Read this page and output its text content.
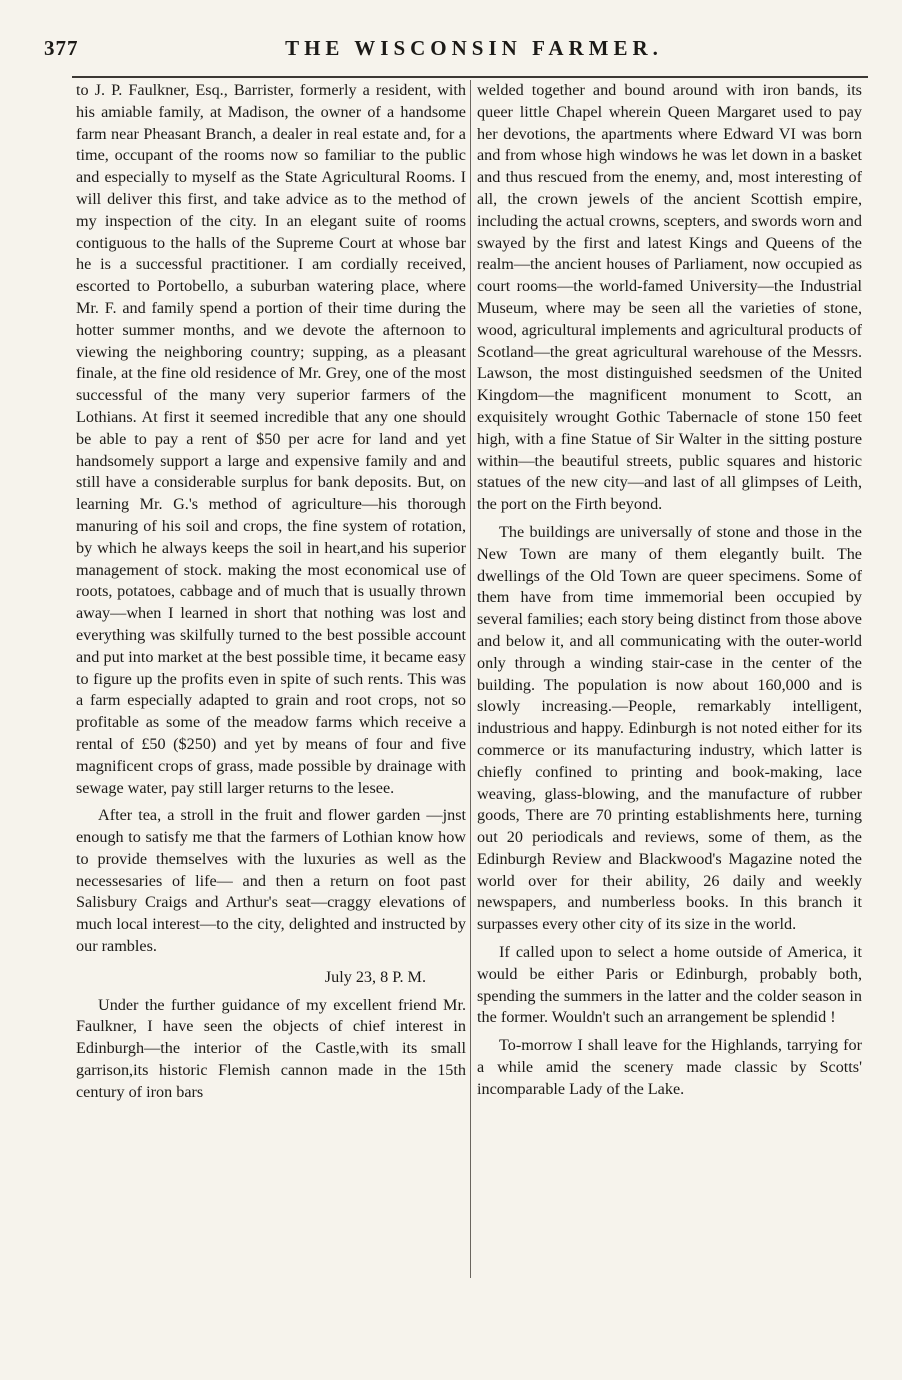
377	THE WISCONSIN FARMER.

to J. P. Faulkner, Esq., Barrister, formerly a resident, with his amiable family, at Madison, the owner of a handsome farm near Pheasant Branch, a dealer in real estate and, for a time, occupant of the rooms now so familiar to the public and especially to myself as the State Agricultural Rooms. I will deliver this first, and take advice as to the method of my inspection of the city. In an elegant suite of rooms contiguous to the halls of the Supreme Court at whose bar he is a successful practitioner. I am cordially received, escorted to Portobello, a suburban watering place, where Mr. F. and family spend a portion of their time during the hotter summer months, and we devote the afternoon to viewing the neighboring country; supping, as a pleasant finale, at the fine old residence of Mr. Grey, one of the most successful of the many very superior farmers of the Lothians. At first it seemed incredible that any one should be able to pay a rent of $50 per acre for land and yet handsomely support a large and expensive family and and still have a considerable surplus for bank deposits. But, on learning Mr. G.'s method of agriculture—his thorough manuring of his soil and crops, the fine system of rotation, by which he always keeps the soil in heart,and his superior management of stock. making the most economical use of roots, potatoes, cabbage and of much that is usually thrown away—when I learned in short that nothing was lost and everything was skilfully turned to the best possible account and put into market at the best possible time, it became easy to figure up the profits even in spite of such rents. This was a farm especially adapted to grain and root crops, not so profitable as some of the meadow farms which receive a rental of £50 ($250) and yet by means of four and five magnificent crops of grass, made possible by drainage with sewage water, pay still larger returns to the lesee.

After tea, a stroll in the fruit and flower garden —jnst enough to satisfy me that the farmers of Lothian know how to provide themselves with the luxuries as well as the necessesaries of life— and then a return on foot past Salisbury Craigs and Arthur's seat—craggy elevations of much local interest—to the city, delighted and instructed by our rambles.

July 23, 8 P. M.

Under the further guidance of my excellent friend Mr. Faulkner, I have seen the objects of chief interest in Edinburgh—the interior of the Castle,with its small garrison,its historic Flemish cannon made in the 15th century of iron bars

welded together and bound around with iron bands, its queer little Chapel wherein Queen Margaret used to pay her devotions, the apartments where Edward VI was born and from whose high windows he was let down in a basket and thus rescued from the enemy, and, most interesting of all, the crown jewels of the ancient Scottish empire, including the actual crowns, scepters, and swords worn and swayed by the first and latest Kings and Queens of the realm—the ancient houses of Parliament, now occupied as court rooms—the world-famed University—the Industrial Museum, where may be seen all the varieties of stone, wood, agricultural implements and agricultural products of Scotland—the great agricultural warehouse of the Messrs. Lawson, the most distinguished seedsmen of the United Kingdom—the magnificent monument to Scott, an exquisitely wrought Gothic Tabernacle of stone 150 feet high, with a fine Statue of Sir Walter in the sitting posture within—the beautiful streets, public squares and historic statues of the new city—and last of all glimpses of Leith, the port on the Firth beyond.

The buildings are universally of stone and those in the New Town are many of them elegantly built. The dwellings of the Old Town are queer specimens. Some of them have from time immemorial been occupied by several families; each story being distinct from those above and below it, and all communicating with the outer-world only through a winding stair-case in the center of the building. The population is now about 160,000 and is slowly increasing.—People, remarkably intelligent, industrious and happy. Edinburgh is not noted either for its commerce or its manufacturing industry, which latter is chiefly confined to printing and book-making, lace weaving, glass-blowing, and the manufacture of rubber goods, There are 70 printing establishments here, turning out 20 periodicals and reviews, some of them, as the Edinburgh Review and Blackwood's Magazine noted the world over for their ability, 26 daily and weekly newspapers, and numberless books. In this branch it surpasses every other city of its size in the world.

If called upon to select a home outside of America, it would be either Paris or Edinburgh, probably both, spending the summers in the latter and the colder season in the former. Wouldn't such an arrangement be splendid !

To-morrow I shall leave for the Highlands, tarrying for a while amid the scenery made classic by Scotts' incomparable Lady of the Lake.
